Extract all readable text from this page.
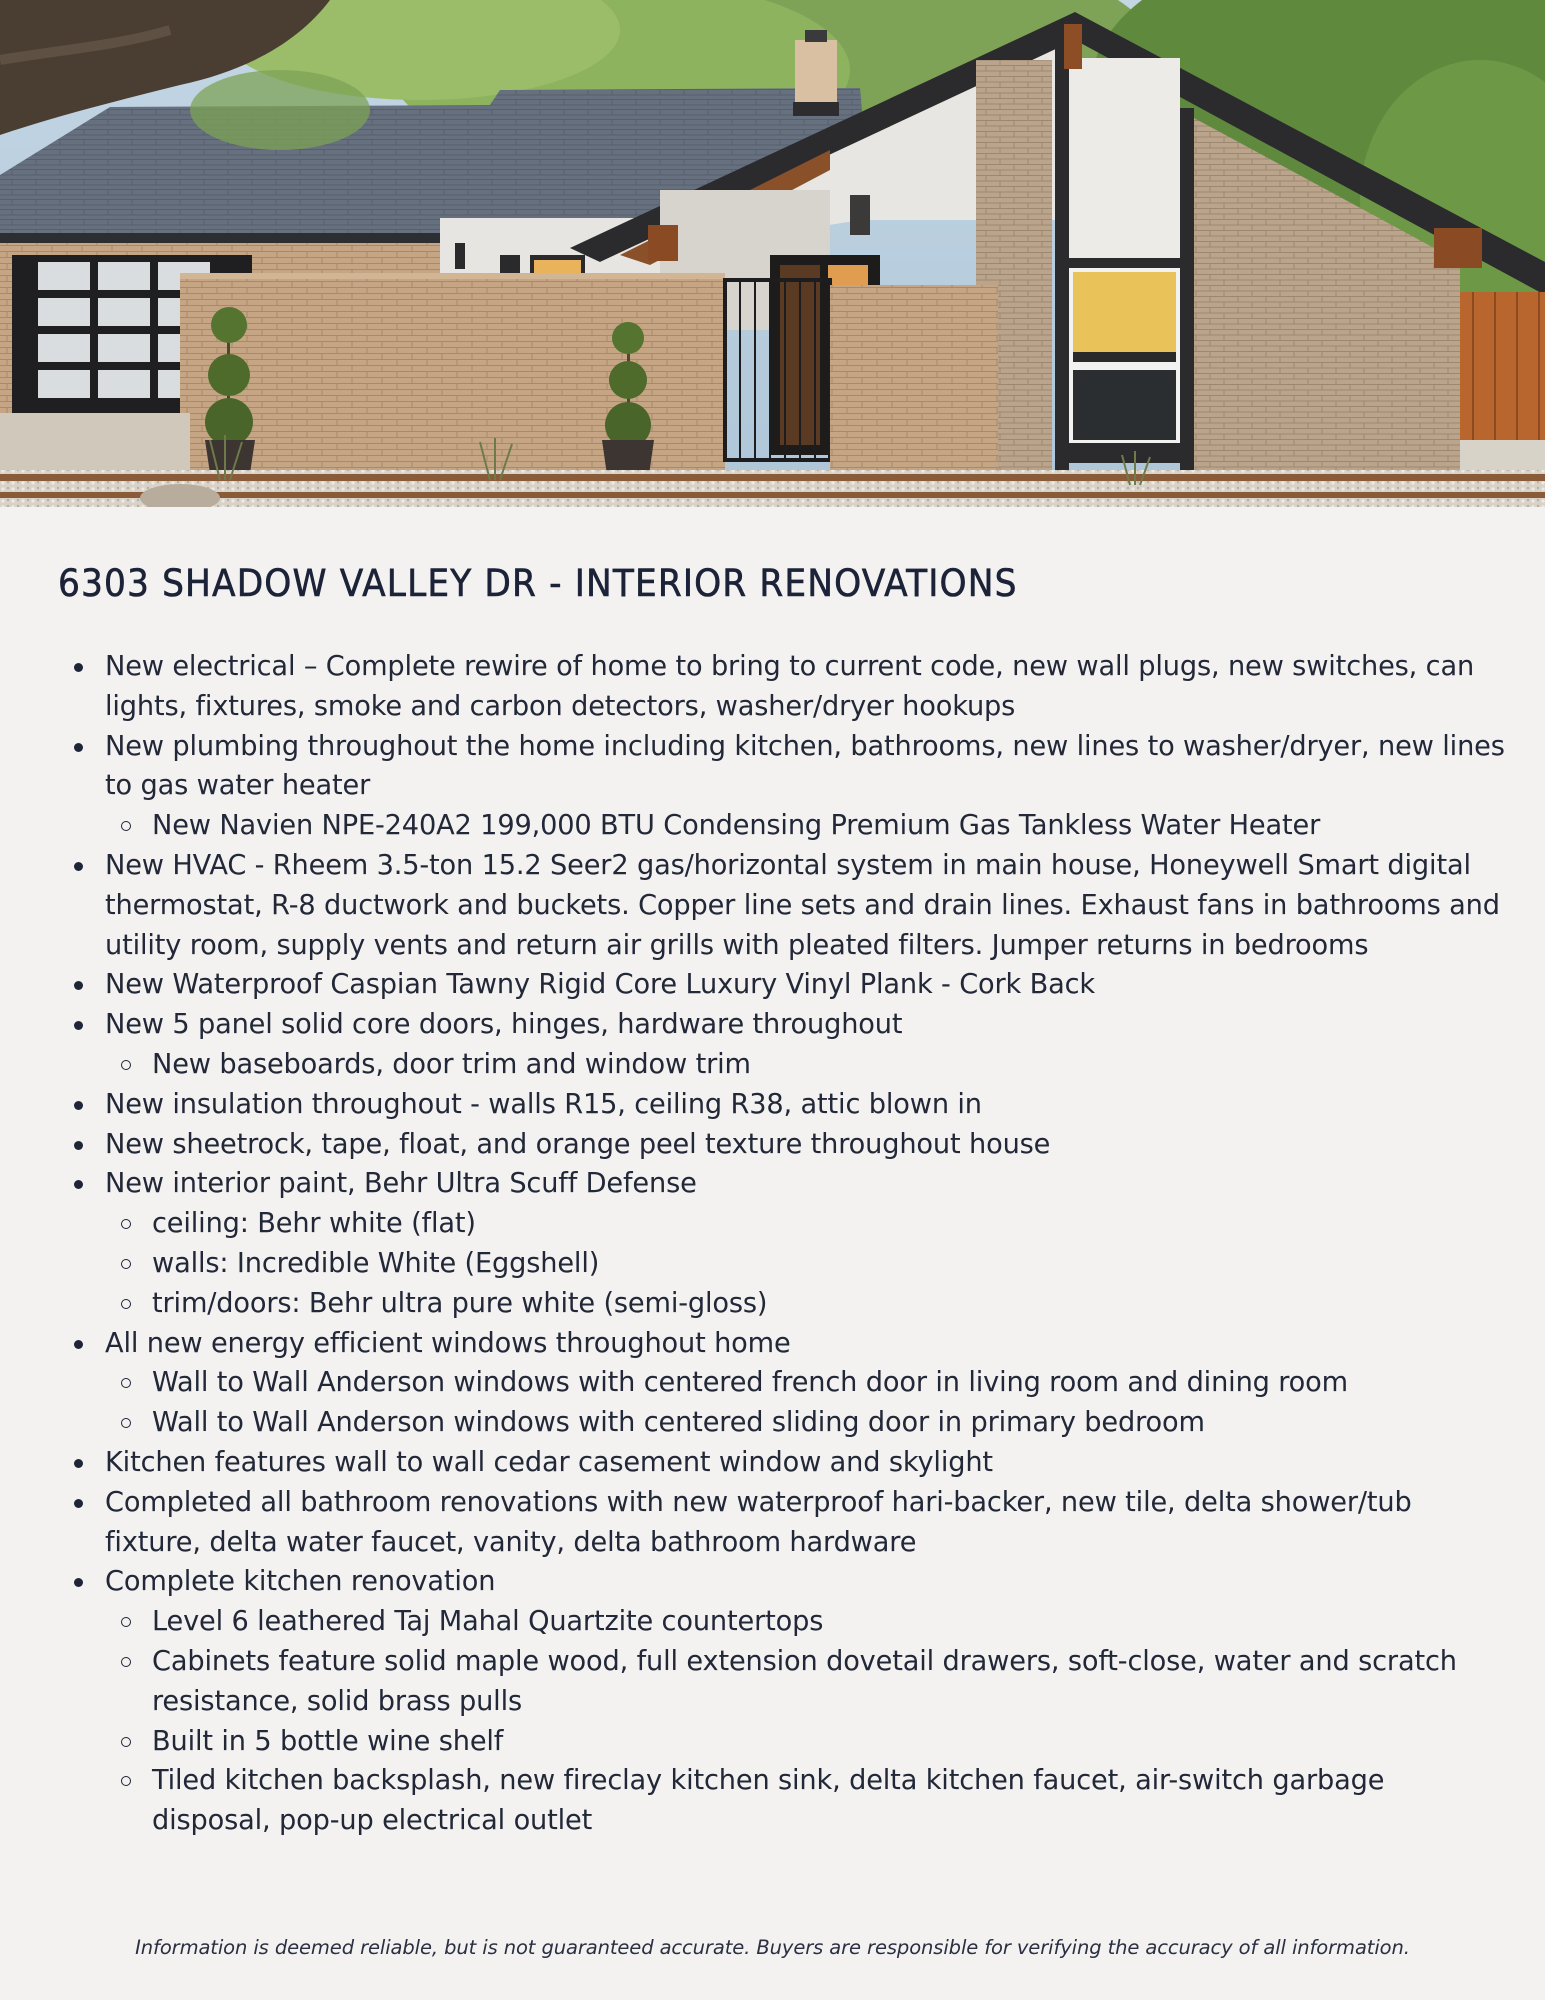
6303 SHADOW VALLEY DR - INTERIOR RENOVATIONS
New electrical – Complete rewire of home to bring to current code, new wall plugs, new switches, can lights, fixtures, smoke and carbon detectors, washer/dryer hookups
New plumbing throughout the home including kitchen, bathrooms, new lines to washer/dryer, new lines to gas water heater
New Navien NPE-240A2 199,000 BTU Condensing Premium Gas Tankless Water Heater
New HVAC - Rheem 3.5-ton 15.2 Seer2 gas/horizontal system in main house, Honeywell Smart digital thermostat, R-8 ductwork and buckets. Copper line sets and drain lines. Exhaust fans in bathrooms and utility room, supply vents and return air grills with pleated filters. Jumper returns in bedrooms
New Waterproof Caspian Tawny Rigid Core Luxury Vinyl Plank - Cork Back
New 5 panel solid core doors, hinges, hardware throughout
New baseboards, door trim and window trim
New insulation throughout - walls R15, ceiling R38, attic blown in
New sheetrock, tape, float, and orange peel texture throughout house
New interior paint, Behr Ultra Scuff Defense
ceiling: Behr white (flat)
walls: Incredible White (Eggshell)
trim/doors: Behr ultra pure white (semi-gloss)
All new energy efficient windows throughout home
Wall to Wall Anderson windows with centered french door in living room and dining room
Wall to Wall Anderson windows with centered sliding door in primary bedroom
Kitchen features wall to wall cedar casement window and skylight
Completed all bathroom renovations with new waterproof hari-backer, new tile, delta shower/tub fixture, delta water faucet, vanity, delta bathroom hardware
Complete kitchen renovation
Level 6 leathered Taj Mahal Quartzite countertops
Cabinets feature solid maple wood, full extension dovetail drawers, soft-close, water and scratch resistance, solid brass pulls
Built in 5 bottle wine shelf
Tiled kitchen backsplash, new fireclay kitchen sink, delta kitchen faucet, air-switch garbage disposal, pop-up electrical outlet

Information is deemed reliable, but is not guaranteed accurate. Buyers are responsible for verifying the accuracy of all information.
